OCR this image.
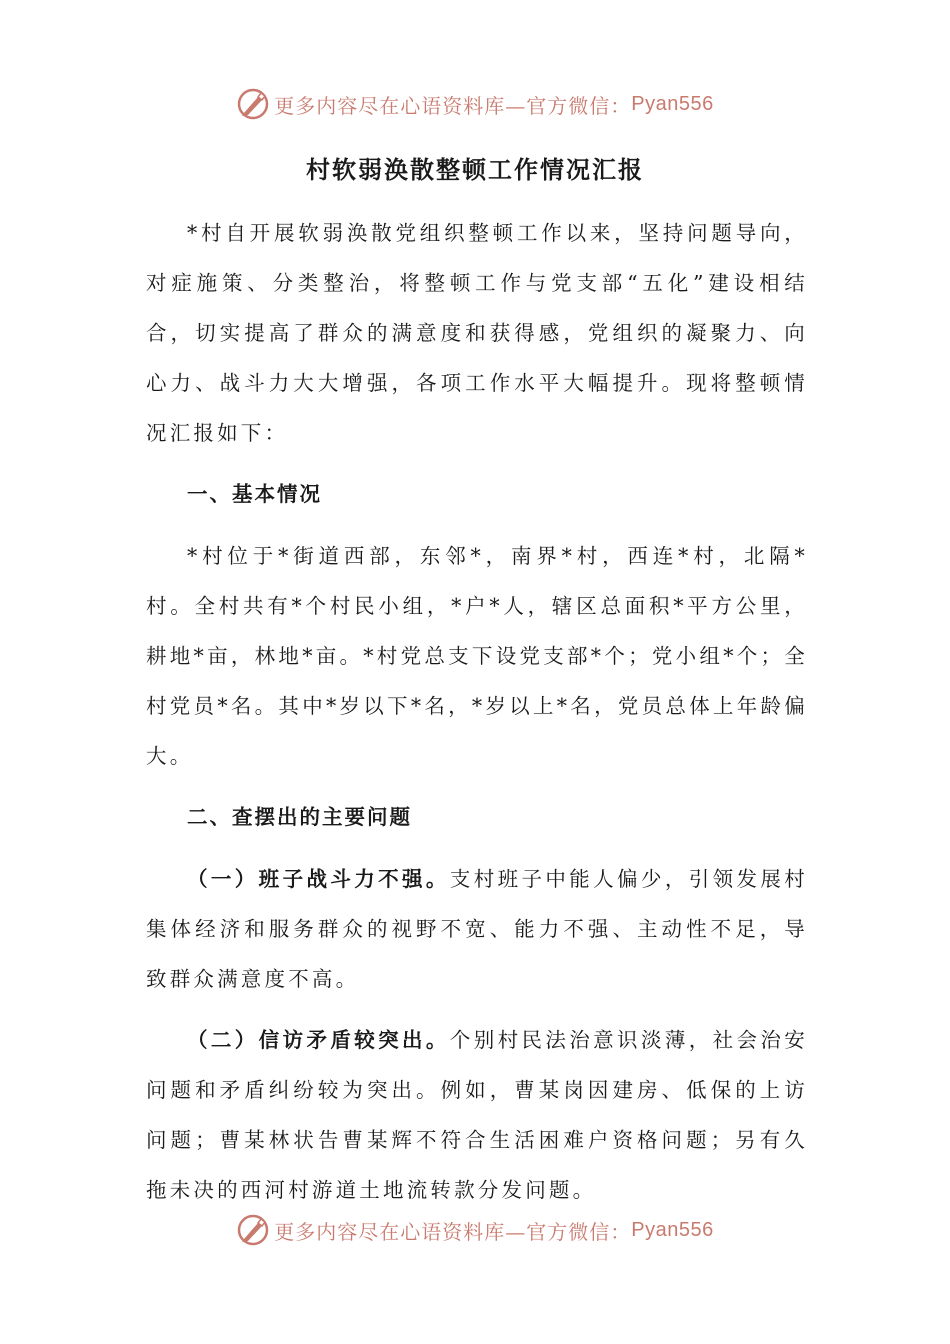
更多内容尽在心语资料库—官方微信： Pyan556
村软弱涣散整顿工作情况汇报

*村自开展软弱涣散党组织整顿工作以来，坚持问题导向，对症施策、分类整治，将整顿工作与党支部“五化”建设相结合，切实提高了群众的满意度和获得感，党组织的凝聚力、向心力、战斗力大大增强，各项工作水平大幅提升。现将整顿情况汇报如下：

一、基本情况

*村位于*街道西部，东邻*，南界*村，西连*村，北隔*村。全村共有*个村民小组，*户*人，辖区总面积*平方公里，耕地*亩，林地*亩。*村党总支下设党支部*个；党小组*个；全村党员*名。其中*岁以下*名，*岁以上*名，党员总体上年龄偏大。

二、查摆出的主要问题

（一）班子战斗力不强。支村班子中能人偏少，引领发展村集体经济和服务群众的视野不宽、能力不强、主动性不足，导致群众满意度不高。

（二）信访矛盾较突出。个别村民法治意识淡薄，社会治安问题和矛盾纠纷较为突出。例如，曹某岗因建房、低保的上访问题；曹某林状告曹某辉不符合生活困难户资格问题；另有久拖未决的西河村游道土地流转款分发问题。

更多内容尽在心语资料库—官方微信： Pyan556
